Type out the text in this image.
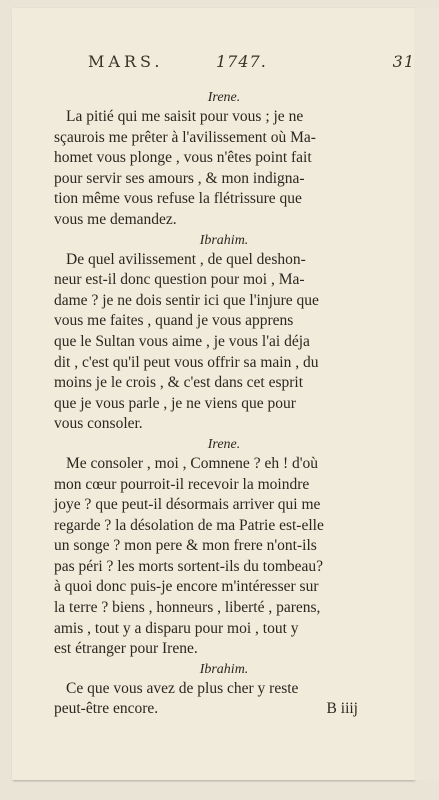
MARS.	1747.	31
Irene.
La pitié qui me saisit pour vous ; je ne
sçaurois me prêter à l'avilissement où Ma-
homet vous plonge , vous n'êtes point fait
pour servir ses amours , & mon indigna-
tion même vous refuse la flétrissure que
vous me demandez.
Ibrahim.
De quel avilissement , de quel deshon-
neur est-il donc question pour moi , Ma-
dame ? je ne dois sentir ici que l'injure que
vous me faites , quand je vous apprens
que le Sultan vous aime , je vous l'ai déja
dit , c'est qu'il peut vous offrir sa main , du
moins je le crois , & c'est dans cet esprit
que je vous parle , je ne viens que pour
vous consoler.
Irene.
Me consoler , moi , Comnene ? eh ! d'où
mon cœur pourroit-il recevoir la moindre
joye ? que peut-il désormais arriver qui me
regarde ? la désolation de ma Patrie est-elle
un songe ? mon pere & mon frere n'ont-ils
pas péri ? les morts sortent-ils du tombeau?
à quoi donc puis-je encore m'intéresser sur
la terre ? biens , honneurs , liberté , parens,
amis , tout y a disparu pour moi , tout y
est étranger pour Irene.
Ibrahim.
Ce que vous avez de plus cher y reste
peut-être encore.	B iiij
